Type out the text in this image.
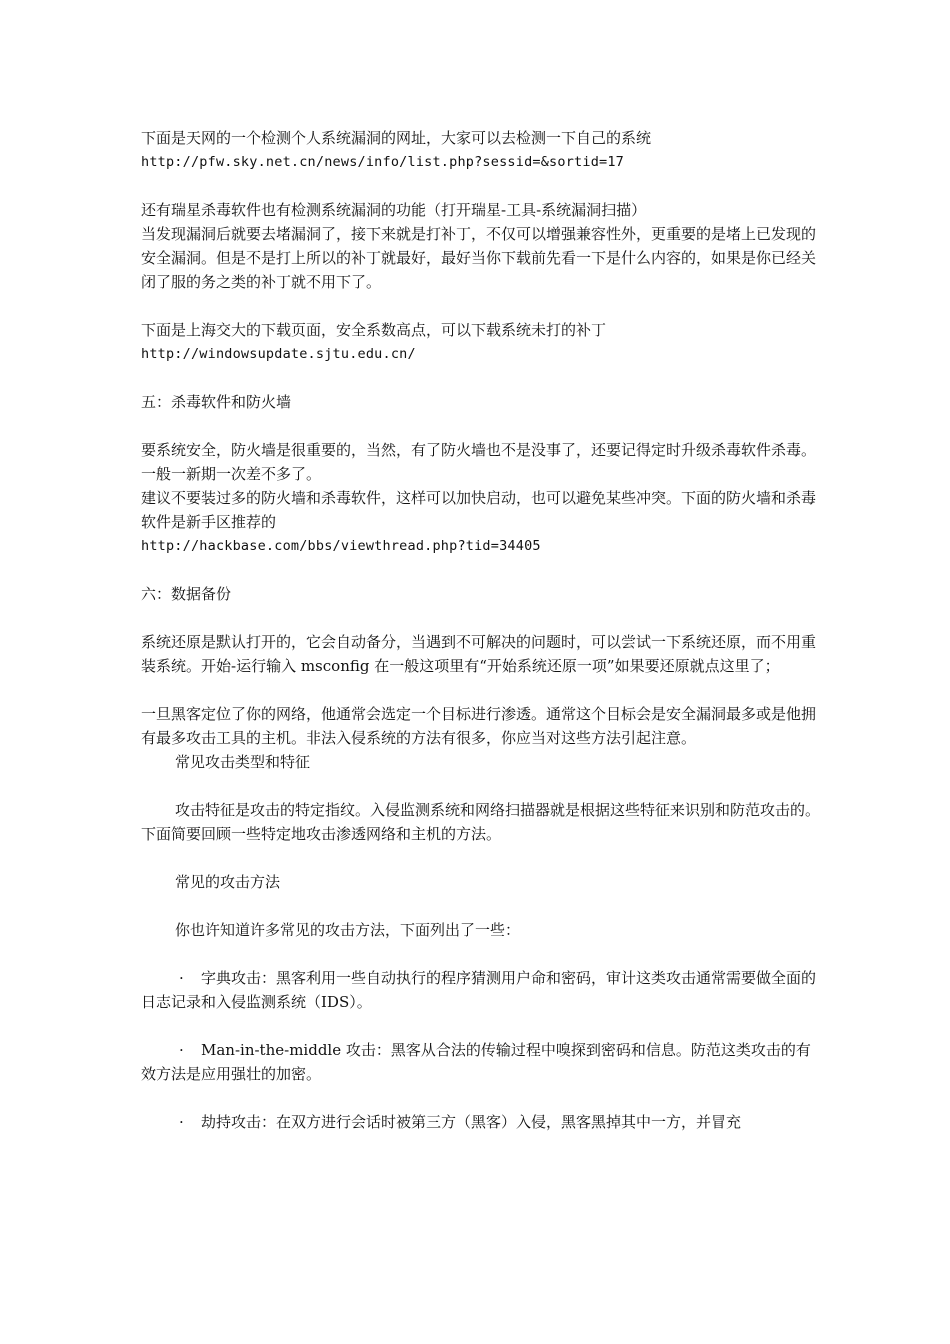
下面是天网的一个检测个人系统漏洞的网址，大家可以去检测一下自己的系统

http://pfw.sky.net.cn/news/info/list.php?sessid=&sortid=17

还有瑞星杀毒软件也有检测系统漏洞的功能（打开瑞星-工具-系统漏洞扫描）

当发现漏洞后就要去堵漏洞了，接下来就是打补丁，不仅可以增强兼容性外，更重要的是堵上已发现的安全漏洞。但是不是打上所以的补丁就最好，最好当你下载前先看一下是什么内容的，如果是你已经关闭了服的务之类的补丁就不用下了。

下面是上海交大的下载页面，安全系数高点，可以下载系统未打的补丁

http://windowsupdate.sjtu.edu.cn/

五：杀毒软件和防火墙

要系统安全，防火墙是很重要的，当然，有了防火墙也不是没事了，还要记得定时升级杀毒软件杀毒。一般一新期一次差不多了。

建议不要装过多的防火墙和杀毒软件，这样可以加快启动，也可以避免某些冲突。下面的防火墙和杀毒软件是新手区推荐的

http://hackbase.com/bbs/viewthread.php?tid=34405

六：数据备份

系统还原是默认打开的，它会自动备分，当遇到不可解决的问题时，可以尝试一下系统还原，而不用重装系统。开始-运行输入 msconfig 在一般这项里有“开始系统还原一项”如果要还原就点这里了；

一旦黑客定位了你的网络，他通常会选定一个目标进行渗透。通常这个目标会是安全漏洞最多或是他拥有最多攻击工具的主机。非法入侵系统的方法有很多，你应当对这些方法引起注意。

常见攻击类型和特征

攻击特征是攻击的特定指纹。入侵监测系统和网络扫描器就是根据这些特征来识别和防范攻击的。下面简要回顾一些特定地攻击渗透网络和主机的方法。

常见的攻击方法

你也许知道许多常见的攻击方法，下面列出了一些：

· 字典攻击：黑客利用一些自动执行的程序猜测用户命和密码，审计这类攻击通常需要做全面的日志记录和入侵监测系统（IDS）。

· Man-in-the-middle 攻击：黑客从合法的传输过程中嗅探到密码和信息。防范这类攻击的有效方法是应用强壮的加密。

· 劫持攻击：在双方进行会话时被第三方（黑客）入侵，黑客黑掉其中一方，并冒充
